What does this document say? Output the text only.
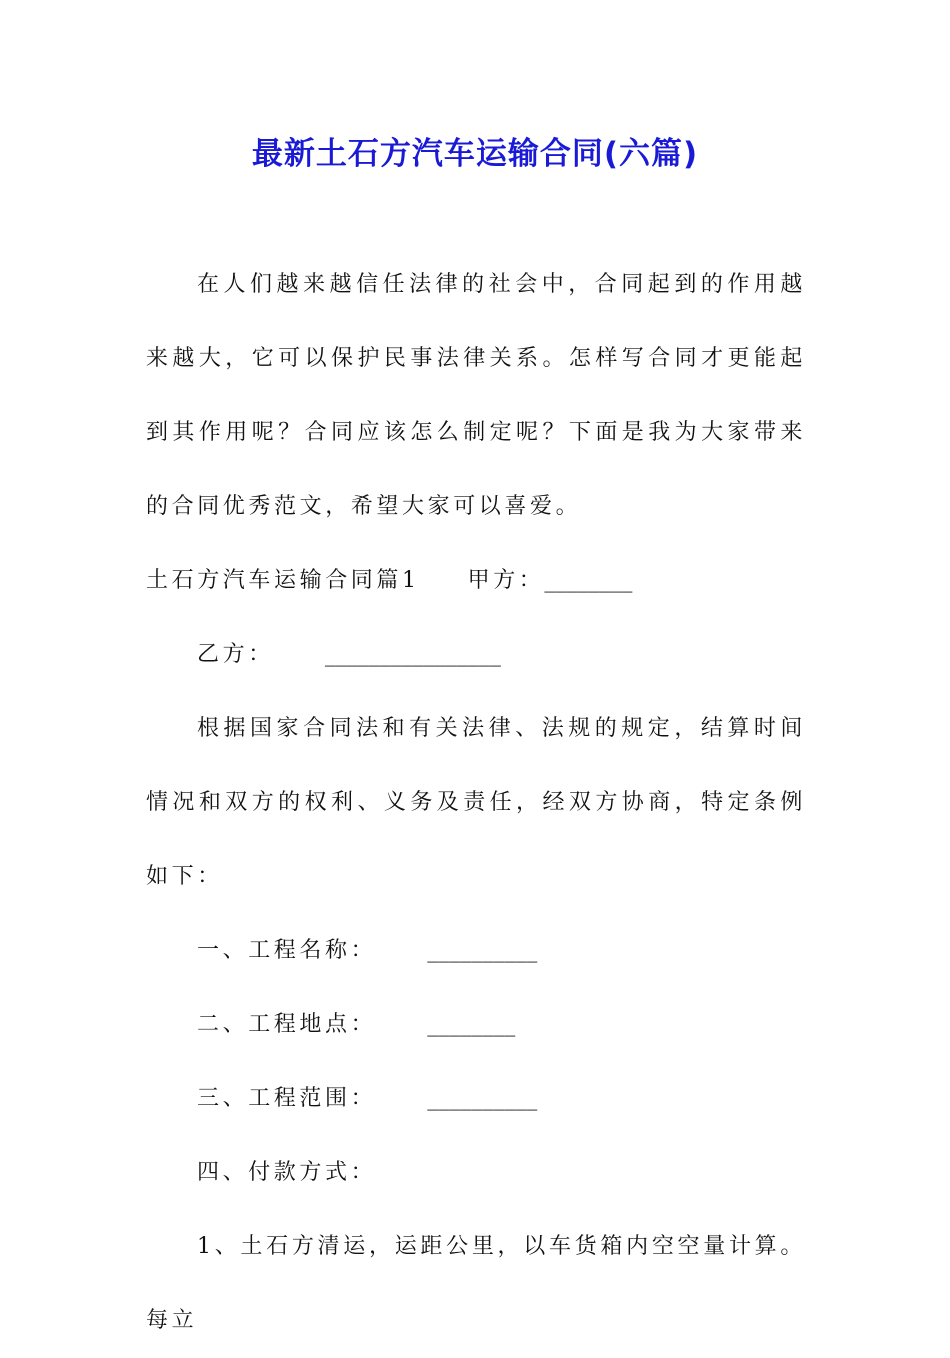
最新土石方汽车运输合同(六篇)

在人们越来越信任法律的社会中，合同起到的作用越来越大，它可以保护民事法律关系。怎样写合同才更能起到其作用呢？合同应该怎么制定呢？下面是我为大家带来的合同优秀范文，希望大家可以喜爱。

土石方汽车运输合同篇1 甲方：________

乙方： ________________

根据国家合同法和有关法律、法规的规定，结算时间情况和双方的权利、义务及责任，经双方协商，特定条例如下：

一、工程名称： __________

二、工程地点： ________

三、工程范围： __________

四、付款方式：

1、土石方清运，运距公里，以车货箱内空空量计算。每立
